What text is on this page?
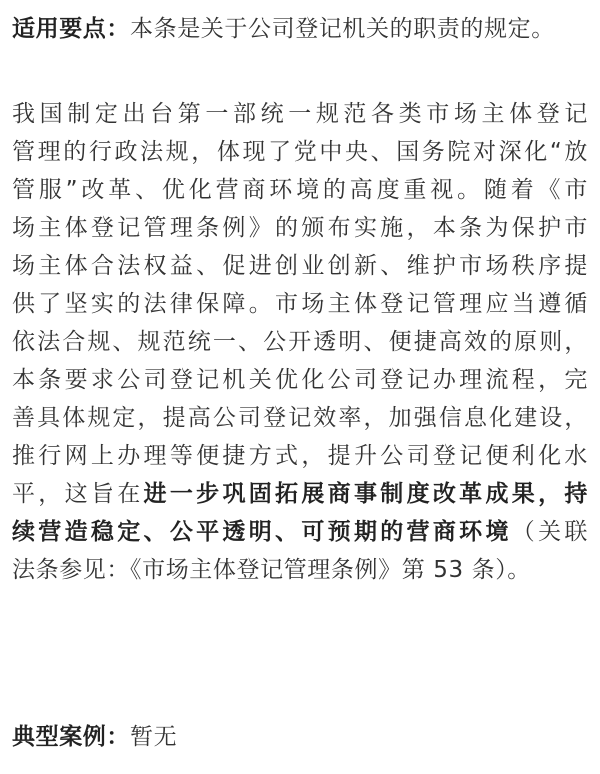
适用要点：本条是关于公司登记机关的职责的规定。
我国制定出台第一部统一规范各类市场主体登记
管理的行政法规，体现了党中央、国务院对深化“放
管服”改革、优化营商环境的高度重视。随着《市
场主体登记管理条例》的颁布实施，本条为保护市
场主体合法权益、促进创业创新、维护市场秩序提
供了坚实的法律保障。市场主体登记管理应当遵循
依法合规、规范统一、公开透明、便捷高效的原则，
本条要求公司登记机关优化公司登记办理流程，完
善具体规定，提高公司登记效率，加强信息化建设，
推行网上办理等便捷方式，提升公司登记便利化水
平，这旨在进一步巩固拓展商事制度改革成果，持
续营造稳定、公平透明、可预期的营商环境（关联
法条参见：《市场主体登记管理条例》第 53 条）。
典型案例：暂无
